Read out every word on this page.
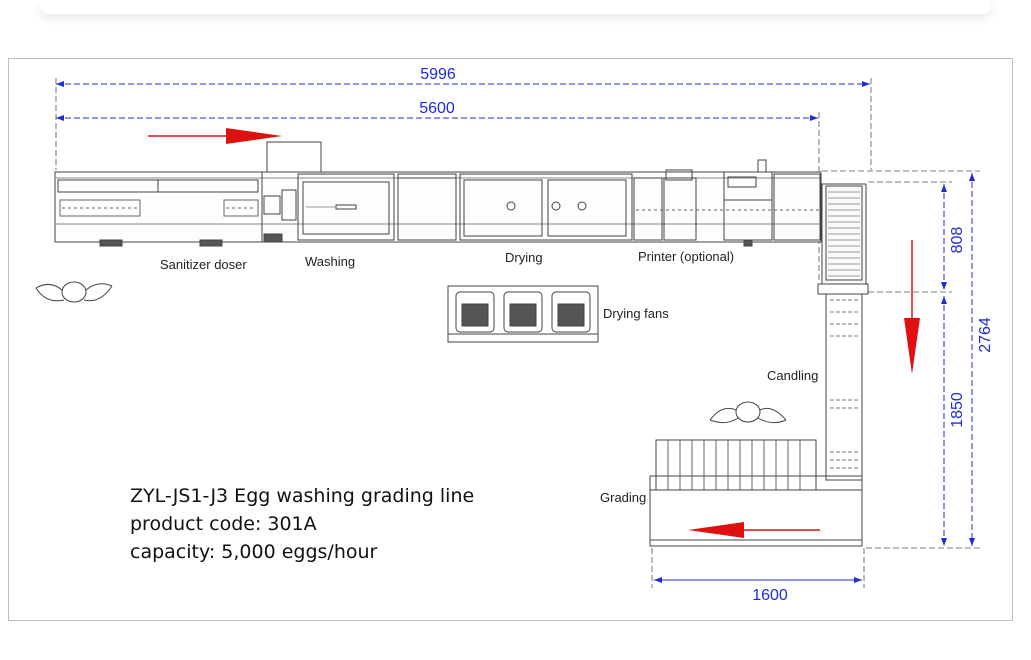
5996
5600
808
1850
2764
1600
Sanitizer doser	Washing	Drying	Printer (optional)
Drying fans
Candling
Grading
ZYL-JS1-J3 Egg washing grading line
product code: 301A
capacity: 5,000 eggs/hour
